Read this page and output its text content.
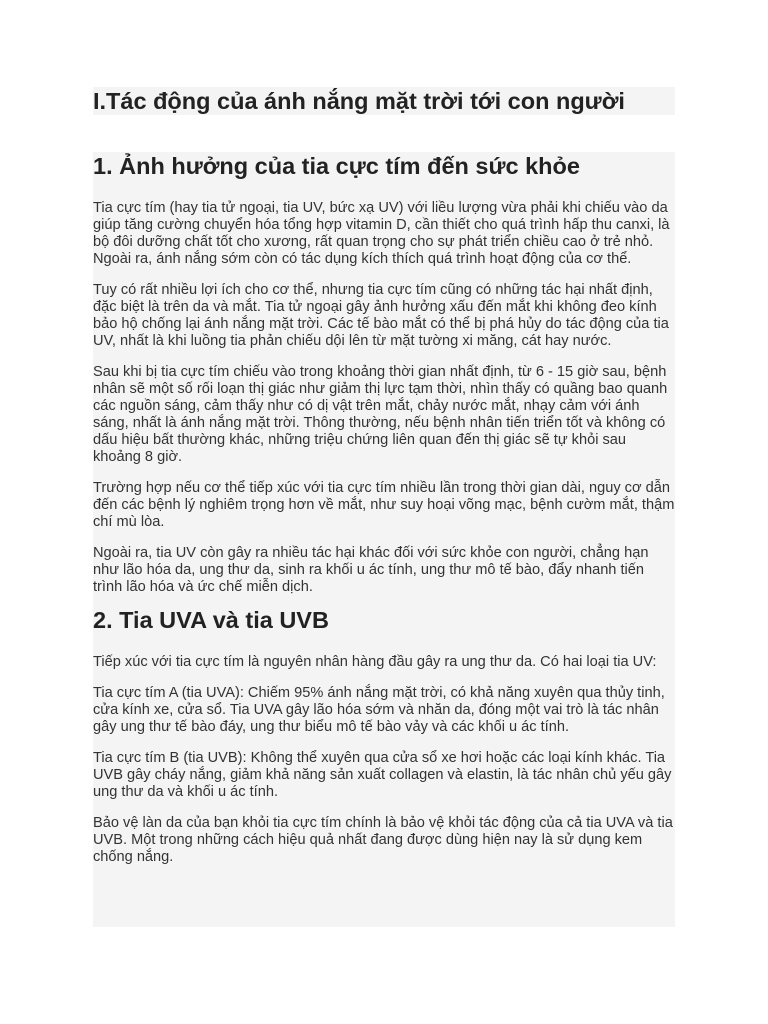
I.Tác động của ánh nắng mặt trời tới con người
1. Ảnh hưởng của tia cực tím đến sức khỏe

Tia cực tím (hay tia tử ngoại, tia UV, bức xạ UV) với liều lượng vừa phải khi chiếu vào da giúp tăng cường chuyển hóa tổng hợp vitamin D, cần thiết cho quá trình hấp thu canxi, là bộ đôi dưỡng chất tốt cho xương, rất quan trọng cho sự phát triển chiều cao ở trẻ nhỏ. Ngoài ra, ánh nắng sớm còn có tác dụng kích thích quá trình hoạt động của cơ thể.

Tuy có rất nhiều lợi ích cho cơ thể, nhưng tia cực tím cũng có những tác hại nhất định, đặc biệt là trên da và mắt. Tia tử ngoại gây ảnh hưởng xấu đến mắt khi không đeo kính bảo hộ chống lại ánh nắng mặt trời. Các tế bào mắt có thể bị phá hủy do tác động của tia UV, nhất là khi luồng tia phản chiếu dội lên từ mặt tường xi măng, cát hay nước.

Sau khi bị tia cực tím chiếu vào trong khoảng thời gian nhất định, từ 6 - 15 giờ sau, bệnh nhân sẽ một số rối loạn thị giác như giảm thị lực tạm thời, nhìn thấy có quầng bao quanh các nguồn sáng, cảm thấy như có dị vật trên mắt, chảy nước mắt, nhạy cảm với ánh sáng, nhất là ánh nắng mặt trời. Thông thường, nếu bệnh nhân tiến triển tốt và không có dấu hiệu bất thường khác, những triệu chứng liên quan đến thị giác sẽ tự khỏi sau khoảng 8 giờ.

Trường hợp nếu cơ thể tiếp xúc với tia cực tím nhiều lần trong thời gian dài, nguy cơ dẫn đến các bệnh lý nghiêm trọng hơn về mắt, như suy hoại võng mạc, bệnh cườm mắt, thậm chí mù lòa.

Ngoài ra, tia UV còn gây ra nhiều tác hại khác đối với sức khỏe con người, chẳng hạn như lão hóa da, ung thư da, sinh ra khối u ác tính, ung thư mô tế bào, đẩy nhanh tiến trình lão hóa và ức chế miễn dịch.

2. Tia UVA và tia UVB

Tiếp xúc với tia cực tím là nguyên nhân hàng đầu gây ra ung thư da. Có hai loại tia UV:

Tia cực tím A (tia UVA): Chiếm 95% ánh nắng mặt trời, có khả năng xuyên qua thủy tinh, cửa kính xe, cửa sổ. Tia UVA gây lão hóa sớm và nhăn da, đóng một vai trò là tác nhân gây ung thư tế bào đáy, ung thư biểu mô tế bào vảy và các khối u ác tính.

Tia cực tím B (tia UVB): Không thể xuyên qua cửa sổ xe hơi hoặc các loại kính khác. Tia UVB gây cháy nắng, giảm khả năng sản xuất collagen và elastin, là tác nhân chủ yếu gây ung thư da và khối u ác tính.

Bảo vệ làn da của bạn khỏi tia cực tím chính là bảo vệ khỏi tác động của cả tia UVA và tia UVB. Một trong những cách hiệu quả nhất đang được dùng hiện nay là sử dụng kem chống nắng.
